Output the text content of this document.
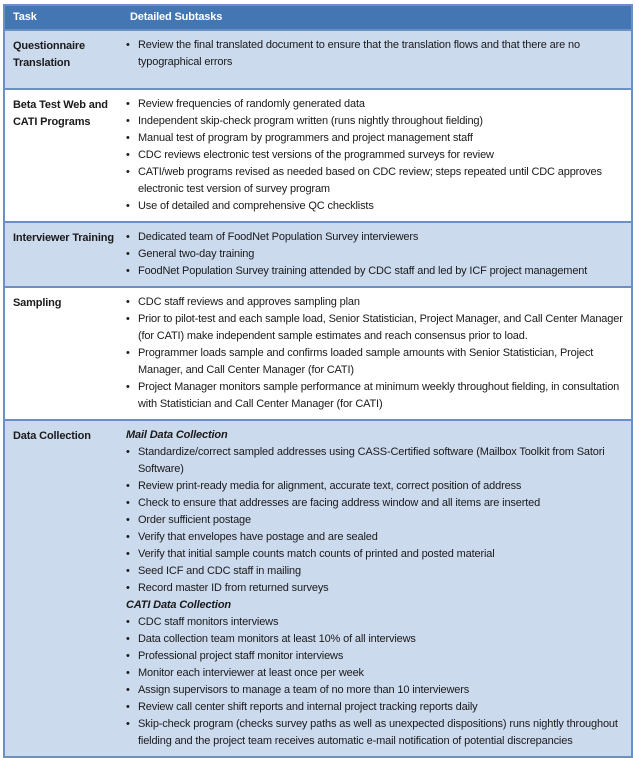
Task	Detailed Subtasks
Questionnaire Translation	
• Review the final translated document to ensure that the translation flows and that there are no typographical errors

Beta Test Web and CATI Programs	
• Review frequencies of randomly generated data
• Independent skip-check program written (runs nightly throughout fielding)
• Manual test of program by programmers and project management staff
• CDC reviews electronic test versions of the programmed surveys for review
• CATI/web programs revised as needed based on CDC review; steps repeated until CDC approves electronic test version of survey program
• Use of detailed and comprehensive QC checklists

Interviewer Training	
•Dedicated team of FoodNet Population Survey interviewers
• General two-day training
• FoodNet Population Survey training attended by CDC staff and led by ICF project management

Sampling	
•CDC staff reviews and approves sampling plan
• Prior to pilot-test and each sample load, Senior Statistician, Project Manager, and Call Center Manager (for CATI) make independent sample estimates and reach consensus prior to load.
• Programmer loads sample and confirms loaded sample amounts with Senior Statistician, Project Manager, and Call Center Manager (for CATI)
• Project Manager monitors sample performance at minimum weekly throughout fielding, in consultation with Statistician and Call Center Manager (for CATI)

Data Collection	Mail Data Collection
• Standardize/correct sampled addresses using CASS-Certified software (Mailbox Toolkit from Satori Software)
• Review print-ready media for alignment, accurate text, correct position of address
• Check to ensure that addresses are facing address window and all items are inserted
• Order sufficient postage
• Verify that envelopes have postage and are sealed
• Verify that initial sample counts match counts of printed and posted material
• Seed ICF and CDC staff in mailing
• Record master ID from returned surveys
CATI Data Collection
• CDC staff monitors interviews
• Data collection team monitors at least 10% of all interviews
• Professional project staff monitor interviews
• Monitor each interviewer at least once per week
• Assign supervisors to manage a team of no more than 10 interviewers
• Review call center shift reports and internal project tracking reports daily
• Skip-check program (checks survey paths as well as unexpected dispositions) runs nightly throughout fielding and the project team receives automatic e-mail notification of potential discrepancies
